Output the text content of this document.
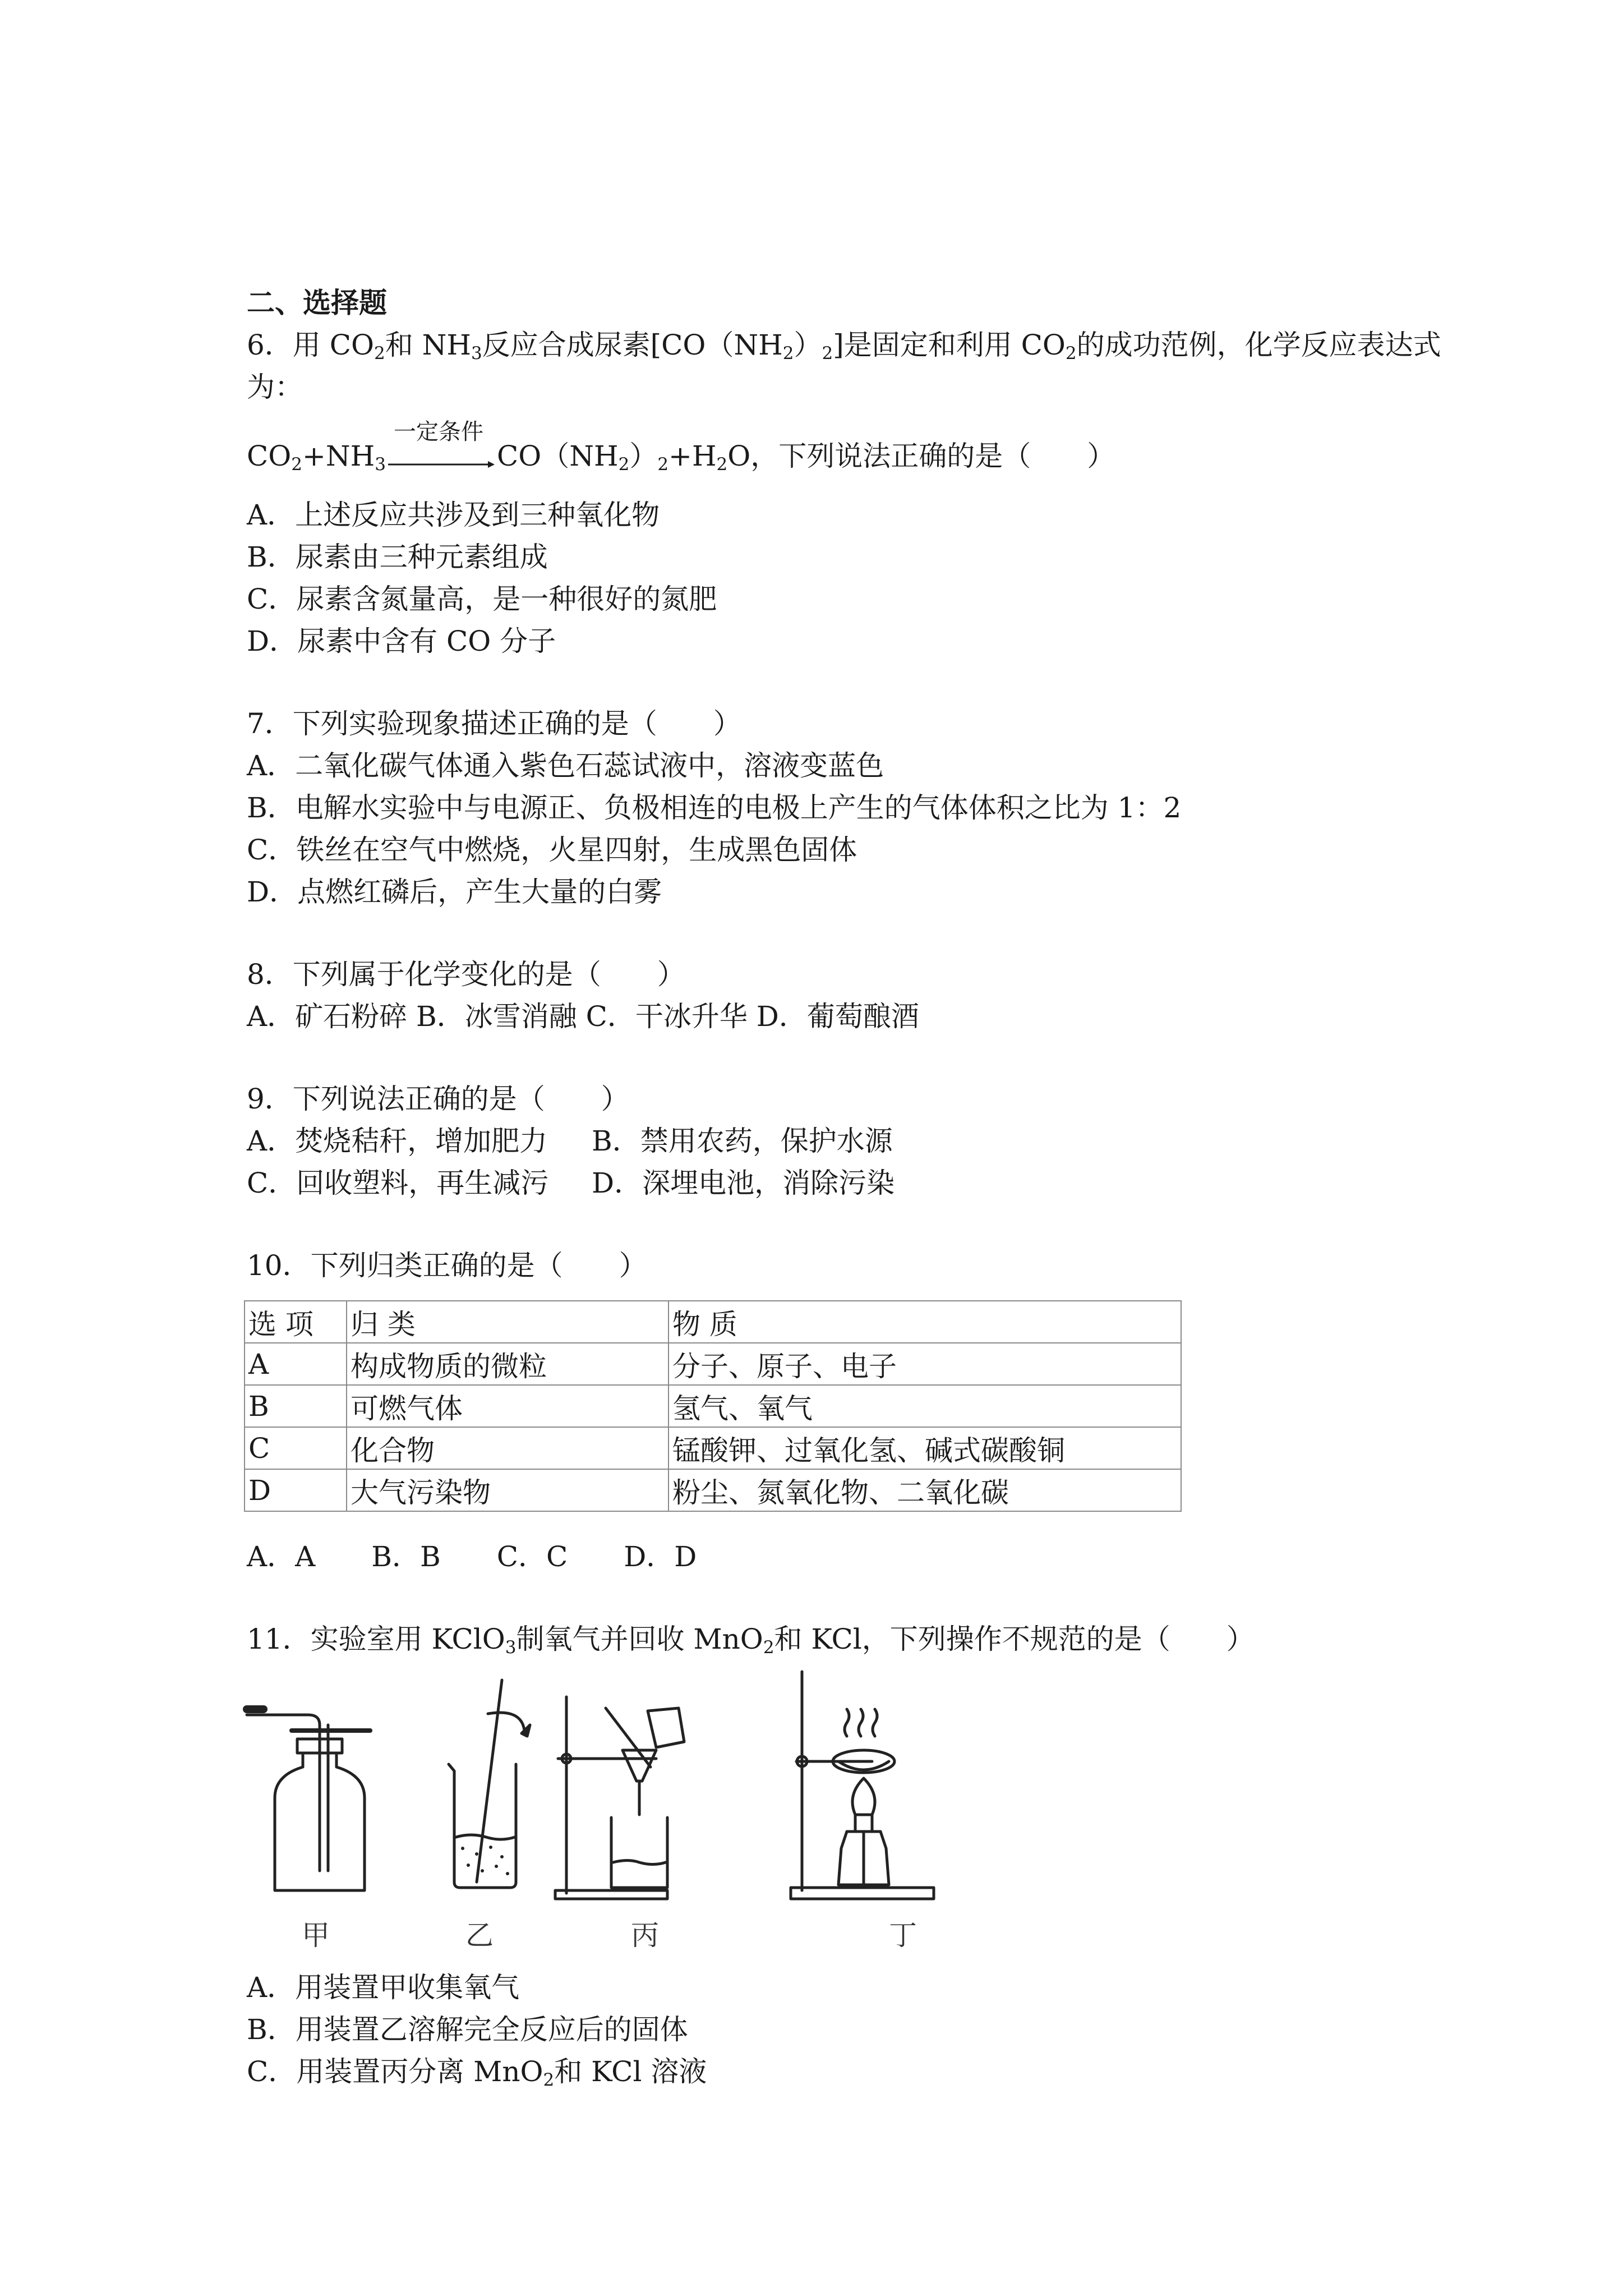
二、选择题
6．用 $CO_2$和 $NH_3$反应合成尿素$[CO(NH_2)_2]$是固定和利用 $CO_2$的成功范例，化学反应表达式
为：
$CO_2+NH_3$
一定条件
$CO(NH_2)_2+H_2O$，下列说法正确的是（　　）
A．上述反应共涉及到三种氧化物
B．尿素由三种元素组成
C．尿素含氮量高，是一种很好的氮肥
D．尿素中含有 CO 分子
7．下列实验现象描述正确的是（　　）
A．二氧化碳气体通入紫色石蕊试液中，溶液变蓝色
B．电解水实验中与电源正、负极相连的电极上产生的气体体积之比为 1：2
C．铁丝在空气中燃烧，火星四射，生成黑色固体
D．点燃红磷后，产生大量的白雾
8．下列属于化学变化的是（　　）
A．矿石粉碎 B．冰雪消融 C．干冰升华 D．葡萄酿酒
9．下列说法正确的是（　　）
A．焚烧秸秆，增加肥力 B．禁用农药，保护水源
C．回收塑料，再生减污 D．深埋电池，消除污染
10．下列归类正确的是（　　）
选 项	归 类	物 质
A	构成物质的微粒	分子、原子、电子
B	可燃气体	氢气、氧气
C	化合物	锰酸钾、过氧化氢、碱式碳酸铜
D	大气污染物	粉尘、氮氧化物、二氧化碳
A．A　　B．B　　C．C　　D．D
11．实验室用 KClO$_3$制氧气并回收 MnO$_2$和 KCl，下列操作不规范的是（　　）
甲	乙	丙	丁
A．用装置甲收集氧气
B．用装置乙溶解完全反应后的固体
C．用装置丙分离 MnO$_2$和 KCl 溶液
